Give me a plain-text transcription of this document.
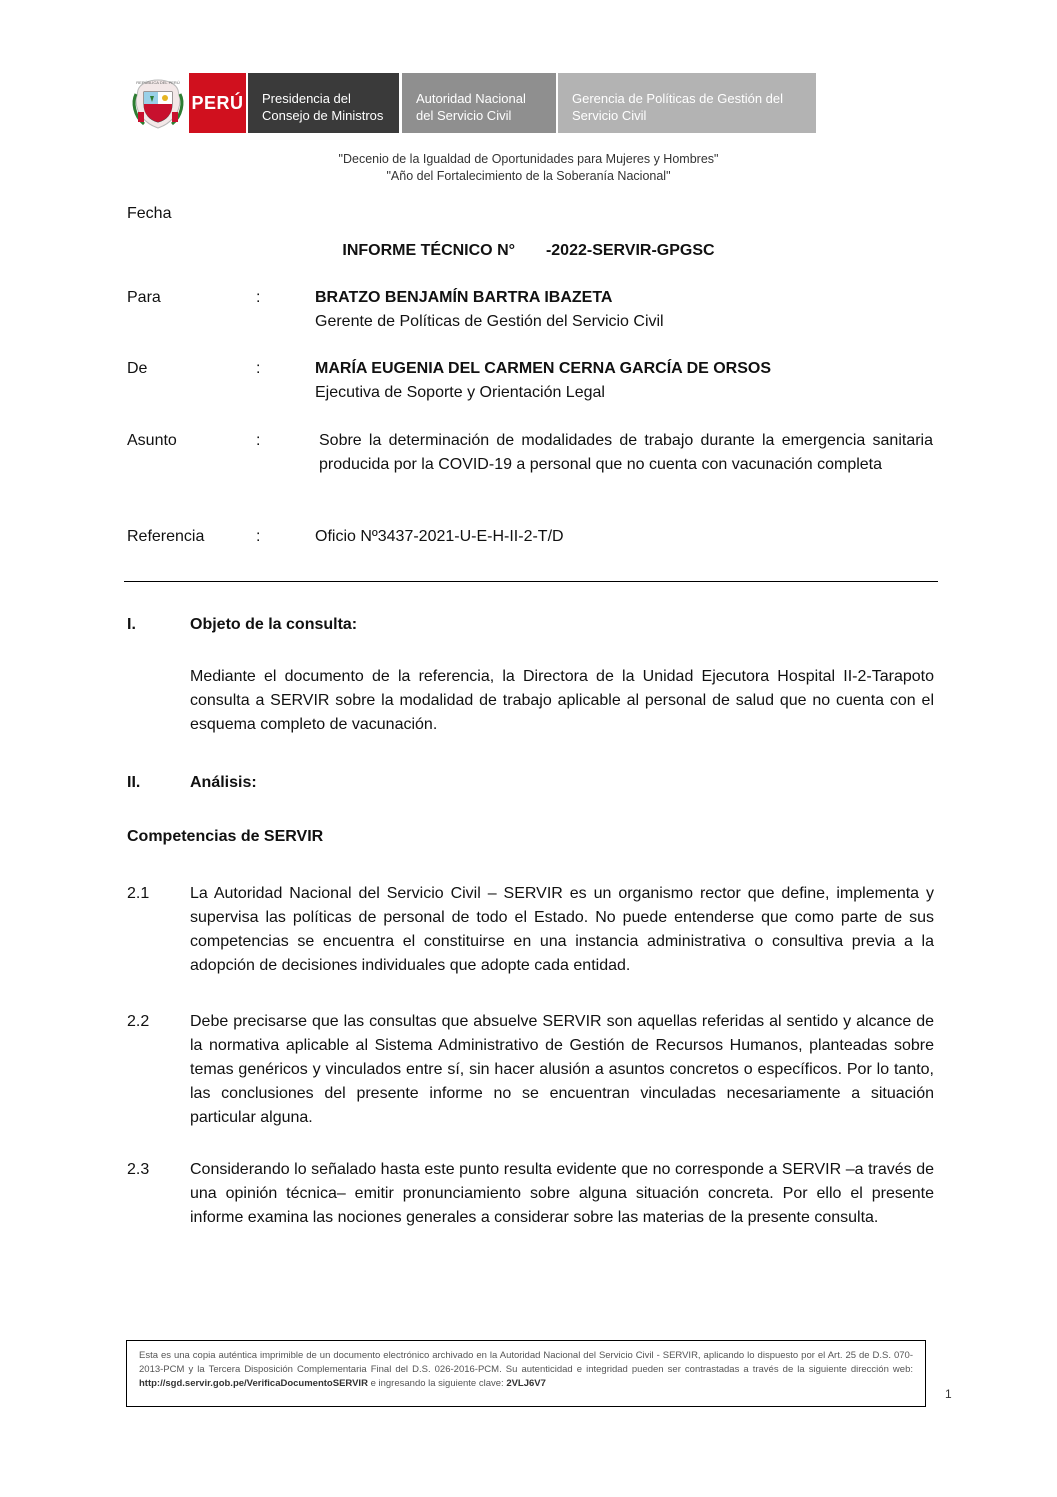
REPÚBLICA DEL PERÚ
PERÚ Presidencia del
Consejo de Ministros
Autoridad Nacional
del Servicio Civil
Gerencia de Políticas de Gestión del
Servicio Civil
"Decenio de la Igualdad de Oportunidades para Mujeres y Hombres"
"Año del Fortalecimiento de la Soberanía Nacional"
Fecha
INFORME TÉCNICO N° -2022-SERVIR-GPGSC
Para	:	BRATZO BENJAMÍN BARTRA IBAZETA
Gerente de Políticas de Gestión del Servicio Civil
De	:	MARÍA EUGENIA DEL CARMEN CERNA GARCÍA DE ORSOS
Ejecutiva de Soporte y Orientación Legal
Asunto	:	Sobre la determinación de modalidades de trabajo durante la emergencia sanitaria producida por la COVID-19 a personal que no cuenta con vacunación completa
Referencia	:	Oficio Nº3437-2021-U-E-H-II-2-T/D
I.	Objeto de la consulta:
Mediante el documento de la referencia, la Directora de la Unidad Ejecutora Hospital II-2-Tarapoto consulta a SERVIR sobre la modalidad de trabajo aplicable al personal de salud que no cuenta con el esquema completo de vacunación.
II.	Análisis:
Competencias de SERVIR
2.1	La Autoridad Nacional del Servicio Civil – SERVIR es un organismo rector que define, implementa y supervisa las políticas de personal de todo el Estado. No puede entenderse que como parte de sus competencias se encuentra el constituirse en una instancia administrativa o consultiva previa a la adopción de decisiones individuales que adopte cada entidad.
2.2	Debe precisarse que las consultas que absuelve SERVIR son aquellas referidas al sentido y alcance de la normativa aplicable al Sistema Administrativo de Gestión de Recursos Humanos, planteadas sobre temas genéricos y vinculados entre sí, sin hacer alusión a asuntos concretos o específicos. Por lo tanto, las conclusiones del presente informe no se encuentran vinculadas necesariamente a situación particular alguna.
2.3	Considerando lo señalado hasta este punto resulta evidente que no corresponde a SERVIR –a través de una opinión técnica– emitir pronunciamiento sobre alguna situación concreta. Por ello el presente informe examina las nociones generales a considerar sobre las materias de la presente consulta.
Esta es una copia auténtica imprimible de un documento electrónico archivado en la Autoridad Nacional del Servicio Civil - SERVIR, aplicando lo dispuesto por el Art. 25 de D.S. 070-2013-PCM y la Tercera Disposición Complementaria Final del D.S. 026-2016-PCM. Su autenticidad e integridad pueden ser contrastadas a través de la siguiente dirección web: http://sgd.servir.gob.pe/VerificaDocumentoSERVIR e ingresando la siguiente clave: 2VLJ6V7
1
